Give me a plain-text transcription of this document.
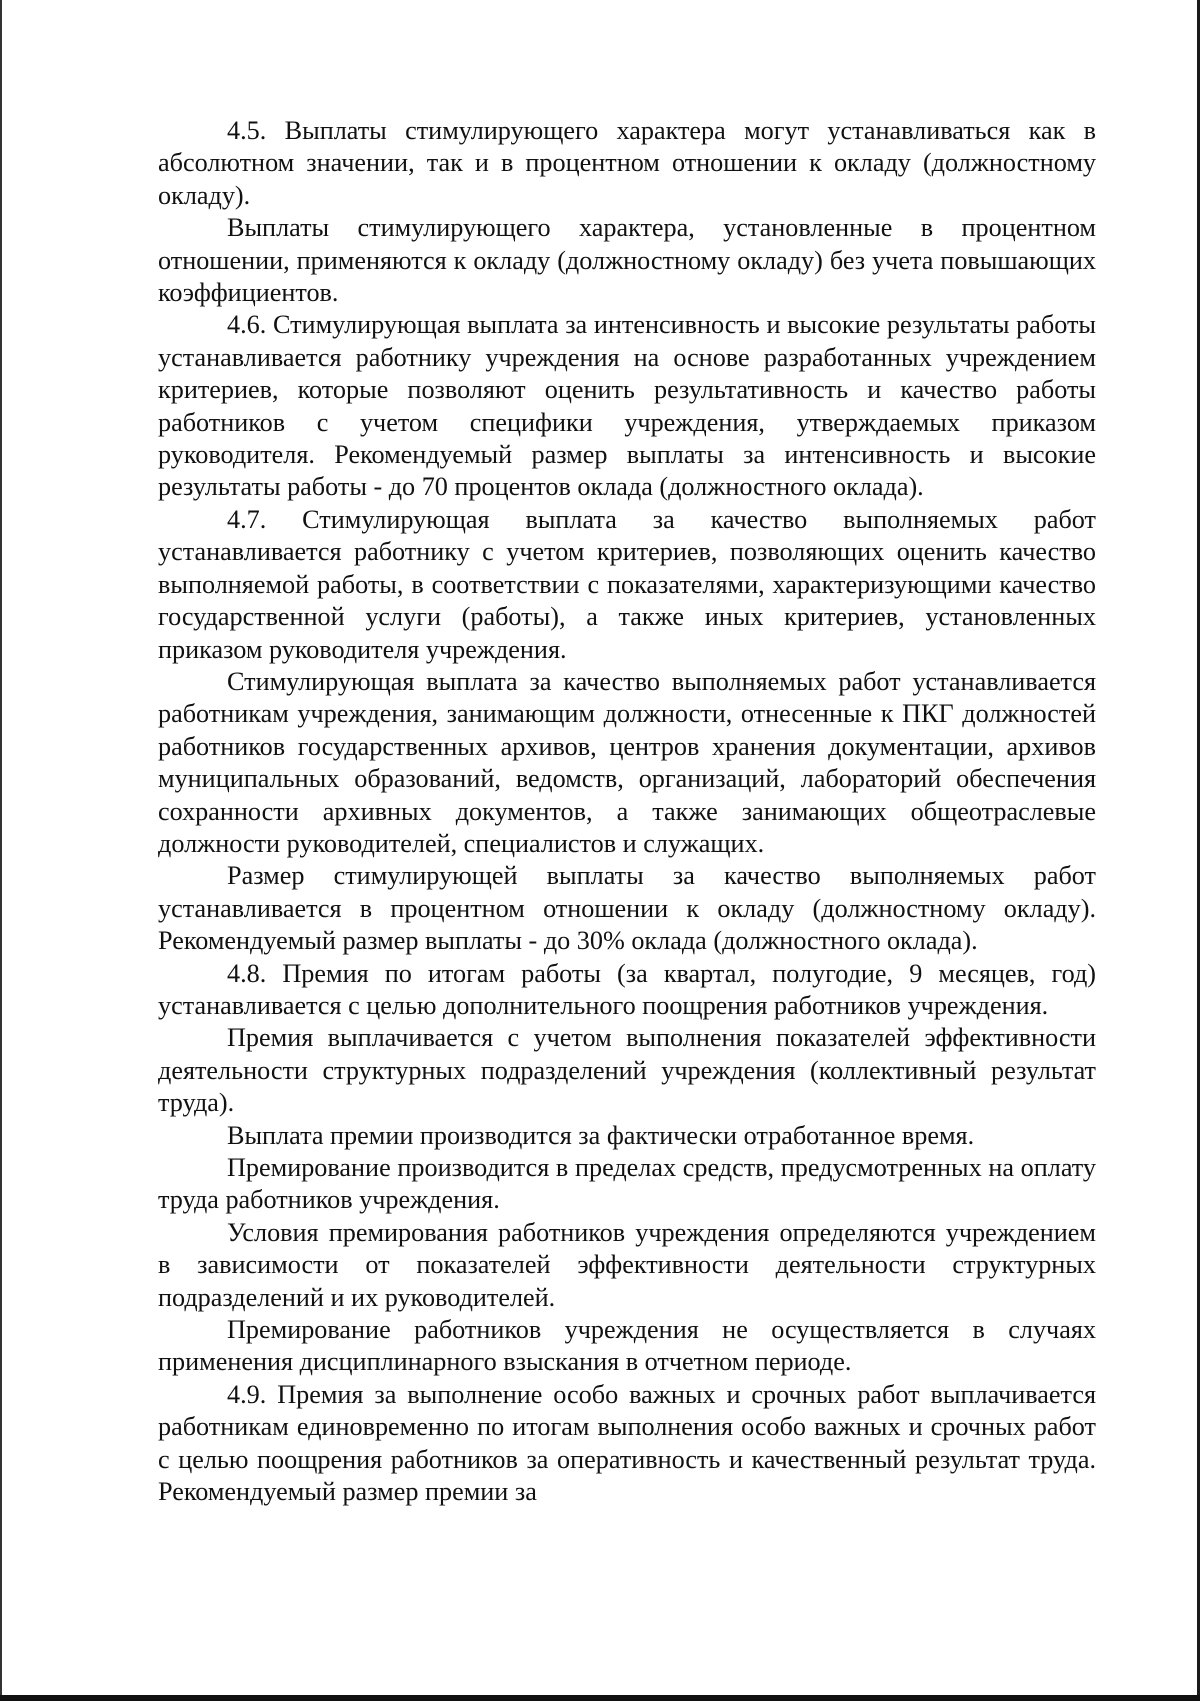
4.5. Выплаты стимулирующего характера могут устанавливаться как в абсолютном значении, так и в процентном отношении к окладу (должностному окладу).

Выплаты стимулирующего характера, установленные в процентном отношении, применяются к окладу (должностному окладу) без учета повышающих коэффициентов.

4.6. Стимулирующая выплата за интенсивность и высокие результаты работы устанавливается работнику учреждения на основе разработанных учреждением критериев, которые позволяют оценить результативность и качество работы работников с учетом специфики учреждения, утверждаемых приказом руководителя. Рекомендуемый размер выплаты за интенсивность и высокие результаты работы - до 70 процентов оклада (должностного оклада).

4.7. Стимулирующая выплата за качество выполняемых работ устанавливается работнику с учетом критериев, позволяющих оценить качество выполняемой работы, в соответствии с показателями, характеризующими качество государственной услуги (работы), а также иных критериев, установленных приказом руководителя учреждения.

Стимулирующая выплата за качество выполняемых работ устанавливается работникам учреждения, занимающим должности, отнесенные к ПКГ должностей работников государственных архивов, центров хранения документации, архивов муниципальных образований, ведомств, организаций, лабораторий обеспечения сохранности архивных документов, а также занимающих общеотраслевые должности руководителей, специалистов и служащих.

Размер стимулирующей выплаты за качество выполняемых работ устанавливается в процентном отношении к окладу (должностному окладу). Рекомендуемый размер выплаты - до 30% оклада (должностного оклада).

4.8. Премия по итогам работы (за квартал, полугодие, 9 месяцев, год) устанавливается с целью дополнительного поощрения работников учреждения.

Премия выплачивается с учетом выполнения показателей эффективности деятельности структурных подразделений учреждения (коллективный результат труда).

Выплата премии производится за фактически отработанное время.

Премирование производится в пределах средств, предусмотренных на оплату труда работников учреждения.

Условия премирования работников учреждения определяются учреждением в зависимости от показателей эффективности деятельности структурных подразделений и их руководителей.

Премирование работников учреждения не осуществляется в случаях применения дисциплинарного взыскания в отчетном периоде.

4.9. Премия за выполнение особо важных и срочных работ выплачивается работникам единовременно по итогам выполнения особо важных и срочных работ с целью поощрения работников за оперативность и качественный результат труда. Рекомендуемый размер премии за
